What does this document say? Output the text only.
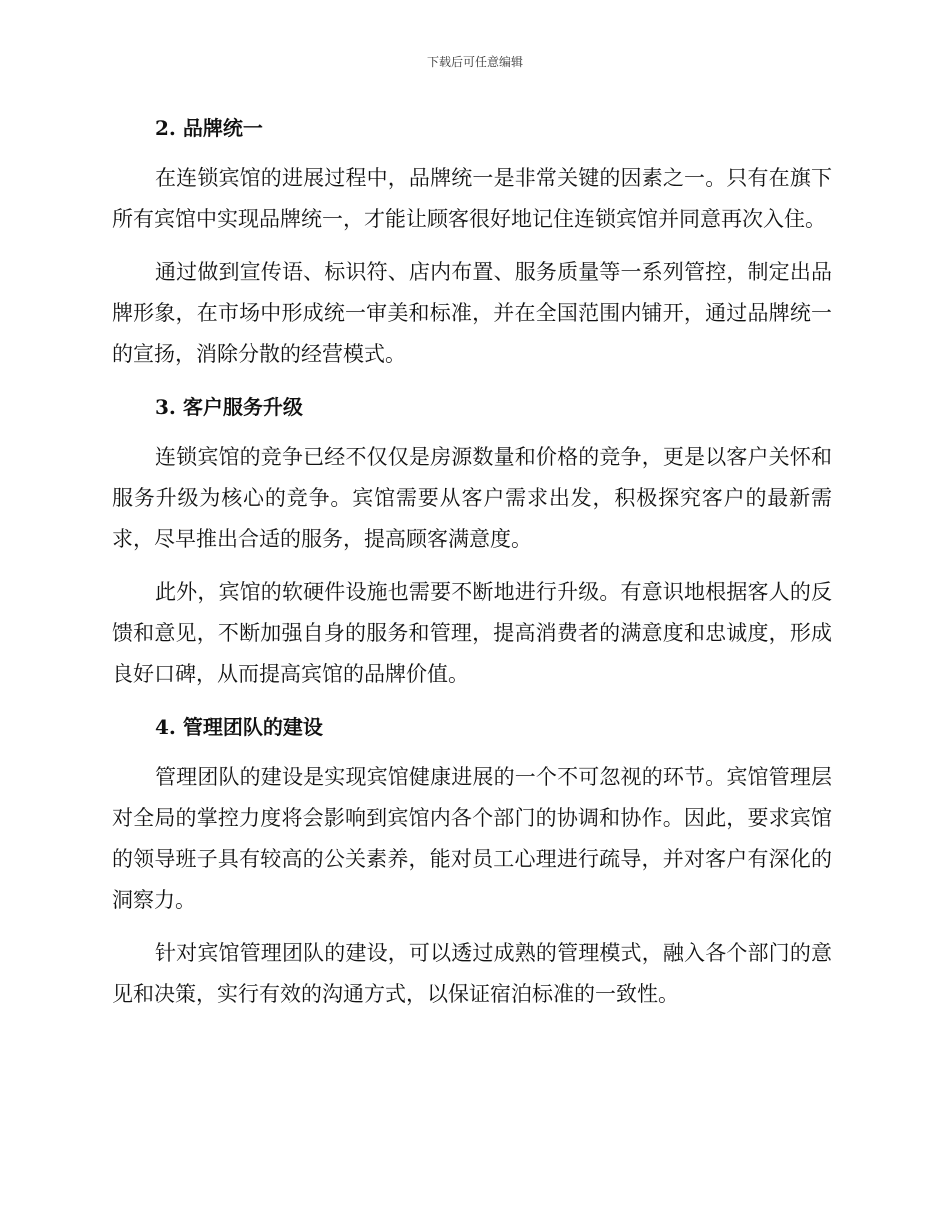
下载后可任意编辑
2. 品牌统一

在连锁宾馆的进展过程中，品牌统一是非常关键的因素之一。只有在旗下所有宾馆中实现品牌统一，才能让顾客很好地记住连锁宾馆并同意再次入住。

通过做到宣传语、标识符、店内布置、服务质量等一系列管控，制定出品牌形象，在市场中形成统一审美和标准，并在全国范围内铺开，通过品牌统一的宣扬，消除分散的经营模式。

3. 客户服务升级

连锁宾馆的竞争已经不仅仅是房源数量和价格的竞争，更是以客户关怀和服务升级为核心的竞争。宾馆需要从客户需求出发，积极探究客户的最新需求，尽早推出合适的服务，提高顾客满意度。

此外，宾馆的软硬件设施也需要不断地进行升级。有意识地根据客人的反馈和意见，不断加强自身的服务和管理，提高消费者的满意度和忠诚度，形成良好口碑，从而提高宾馆的品牌价值。

4. 管理团队的建设

管理团队的建设是实现宾馆健康进展的一个不可忽视的环节。宾馆管理层对全局的掌控力度将会影响到宾馆内各个部门的协调和协作。因此，要求宾馆的领导班子具有较高的公关素养，能对员工心理进行疏导，并对客户有深化的洞察力。

针对宾馆管理团队的建设，可以透过成熟的管理模式，融入各个部门的意见和决策，实行有效的沟通方式，以保证宿泊标准的一致性。
